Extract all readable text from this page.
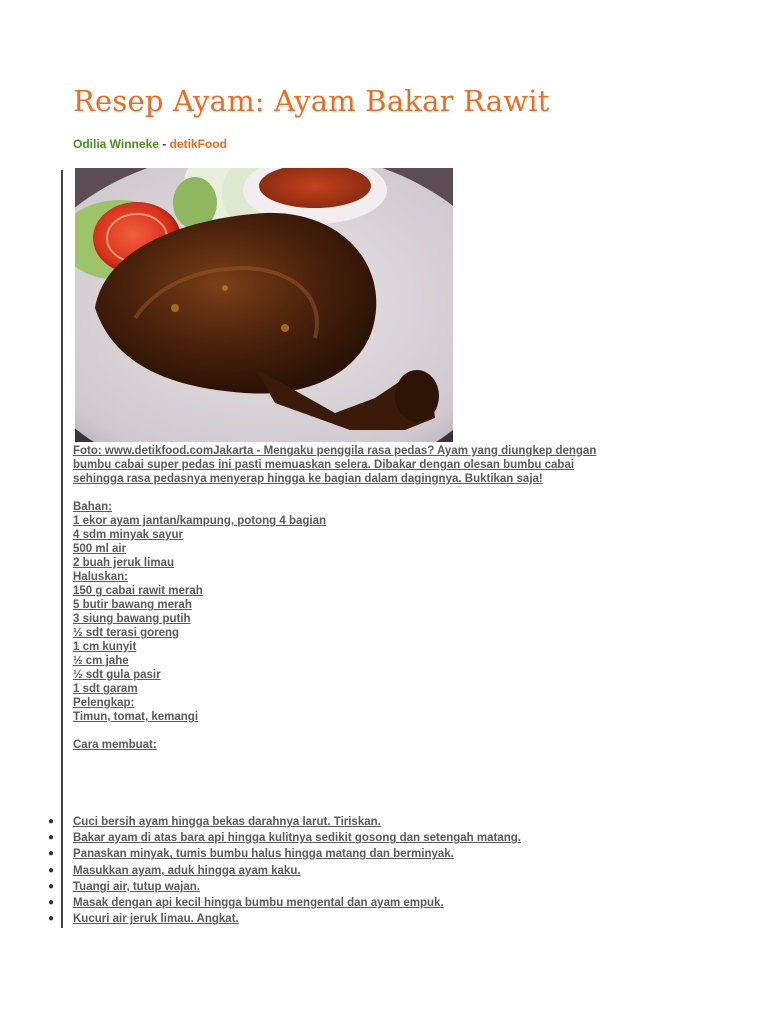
Resep Ayam: Ayam Bakar Rawit
Odilia Winneke - detikFood
Foto: www.detikfood.comJakarta - Mengaku penggila rasa pedas? Ayam yang diungkep dengan
bumbu cabai super pedas ini pasti memuaskan selera. Dibakar dengan olesan bumbu cabai
sehingga rasa pedasnya menyerap hingga ke bagian dalam dagingnya. Buktikan saja!
Bahan:
1 ekor ayam jantan/kampung, potong 4 bagian
4 sdm minyak sayur
500 ml air
2 buah jeruk limau
Haluskan:
150 g cabai rawit merah
5 butir bawang merah
3 siung bawang putih
½ sdt terasi goreng
1 cm kunyit
½ cm jahe
½ sdt gula pasir
1 sdt garam
Pelengkap:
Timun, tomat, kemangi
Cara membuat:
● Cuci bersih ayam hingga bekas darahnya larut. Tiriskan.
● Bakar ayam di atas bara api hingga kulitnya sedikit gosong dan setengah matang.
● Panaskan minyak, tumis bumbu halus hingga matang dan berminyak.
● Masukkan ayam, aduk hingga ayam kaku.
● Tuangi air, tutup wajan.
● Masak dengan api kecil hingga bumbu mengental dan ayam empuk.
● Kucuri air jeruk limau. Angkat.
